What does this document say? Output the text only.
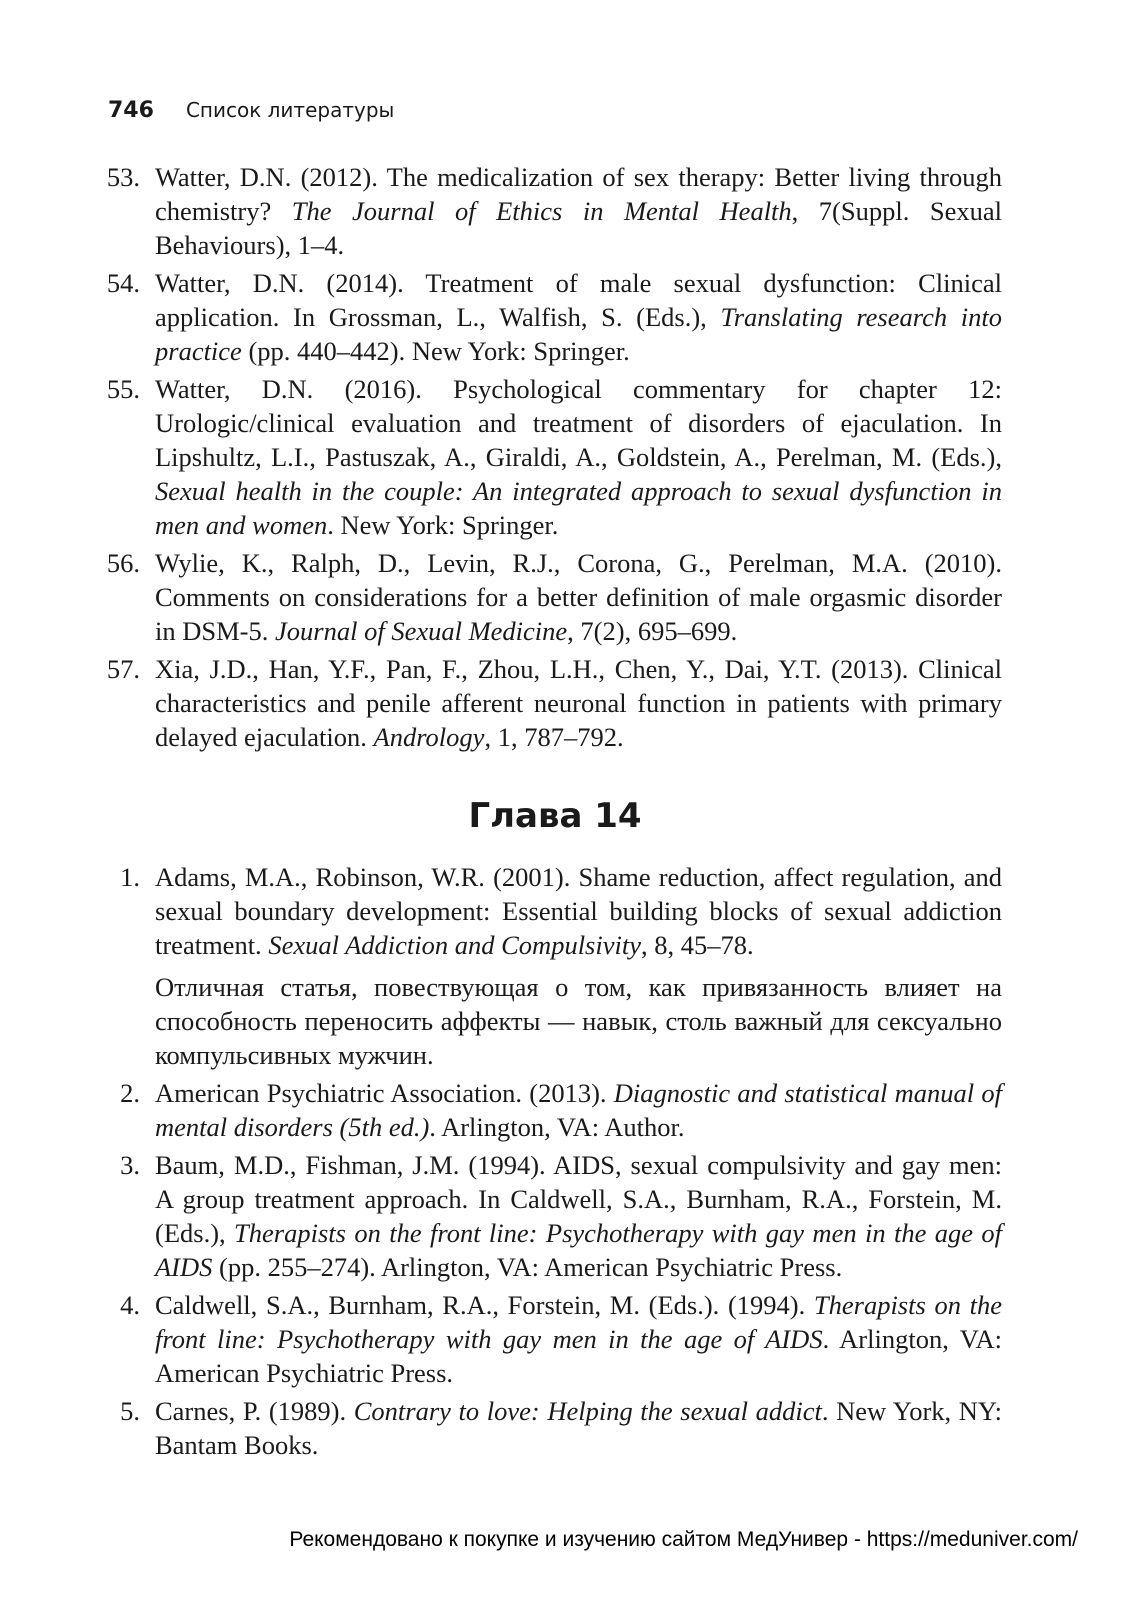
746 Список литературы
53. Watter, D.N. (2012). The medicalization of sex therapy: Better living through chemistry? The Journal of Ethics in Mental Health, 7(Suppl. Sexual Behaviours), 1–4.

54. Watter, D.N. (2014). Treatment of male sexual dysfunction: Clinical application. In Grossman, L., Walfish, S. (Eds.), Translating research into practice (pp. 440–442). New York: Springer.

55. Watter, D.N. (2016). Psychological commentary for chapter 12: Urologic/clinical evaluation and treatment of disorders of ejaculation. In Lipshultz, L.I., Pastuszak, A., Giraldi, A., Goldstein, A., Perelman, M. (Eds.), Sexual health in the couple: An integrated approach to sexual dysfunction in men and women. New York: Springer.

56. Wylie, K., Ralph, D., Levin, R.J., Corona, G., Perelman, M.A. (2010). Comments on considerations for a better definition of male orgasmic disorder in DSM-5. Journal of Sexual Medicine, 7(2), 695–699.

57. Xia, J.D., Han, Y.F., Pan, F., Zhou, L.H., Chen, Y., Dai, Y.T. (2013). Clinical characteristics and penile afferent neuronal function in patients with primary delayed ejaculation. Andrology, 1, 787–792.

Глава 14
1. Adams, M.A., Robinson, W.R. (2001). Shame reduction, affect regulation, and sexual boundary development: Essential building blocks of sexual addiction treatment. Sexual Addiction and Compulsivity, 8, 45–78.

Отличная статья, повествующая о том, как привязанность влияет на способность переносить аффекты — навык, столь важный для сексуально компульсивных мужчин.

2. American Psychiatric Association. (2013). Diagnostic and statistical manual of mental disorders (5th ed.). Arlington, VA: Author.

3. Baum, M.D., Fishman, J.M. (1994). AIDS, sexual compulsivity and gay men: A group treatment approach. In Caldwell, S.A., Burnham, R.A., Forstein, M. (Eds.), Therapists on the front line: Psychotherapy with gay men in the age of AIDS (pp. 255–274). Arlington, VA: American Psychiatric Press.

4. Caldwell, S.A., Burnham, R.A., Forstein, M. (Eds.). (1994). Therapists on the front line: Psychotherapy with gay men in the age of AIDS. Arlington, VA: American Psychiatric Press.

5. Carnes, P. (1989). Contrary to love: Helping the sexual addict. New York, NY: Bantam Books.

Рекомендовано к покупке и изучению сайтом МедУнивер - https://meduniver.com/
